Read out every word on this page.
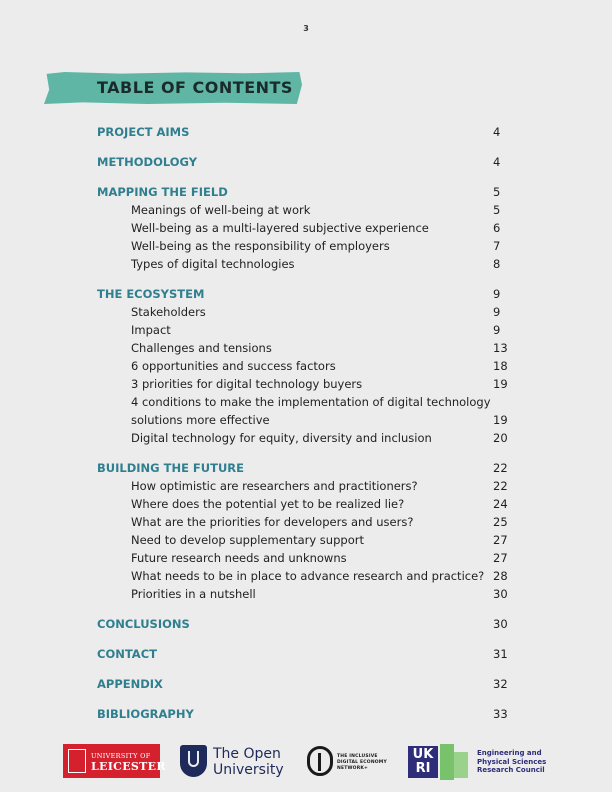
3
TABLE OF CONTENTS
PROJECT AIMS	4
METHODOLOGY	4
MAPPING THE FIELD	5
Meanings of well-being at work	5
Well-being as a multi-layered subjective experience	6
Well-being as the responsibility of employers	7
Types of digital technologies	8
THE ECOSYSTEM	9
Stakeholders	9
Impact	9
Challenges and tensions	13
6 opportunities and success factors	18
3 priorities for digital technology buyers	19
4 conditions to make the implementation of digital technology
solutions more effective	19
Digital technology for equity, diversity and inclusion	20
BUILDING THE FUTURE	22
How optimistic are researchers and practitioners?	22
Where does the potential yet to be realized lie?	24
What are the priorities for developers and users?	25
Need to develop supplementary support	27
Future research needs and unknowns	27
What needs to be in place to advance research and practice? 28
Priorities in a nutshell	30
CONCLUSIONS	30
CONTACT	31
APPENDIX	32
BIBLIOGRAPHY	33
UNIVERSITY OF
LEICESTER
The Open
University
THE INCLUSIVE
DIGITAL ECONOMY
NETWORK+
UK
RI
Engineering and
Physical Sciences
Research Council
